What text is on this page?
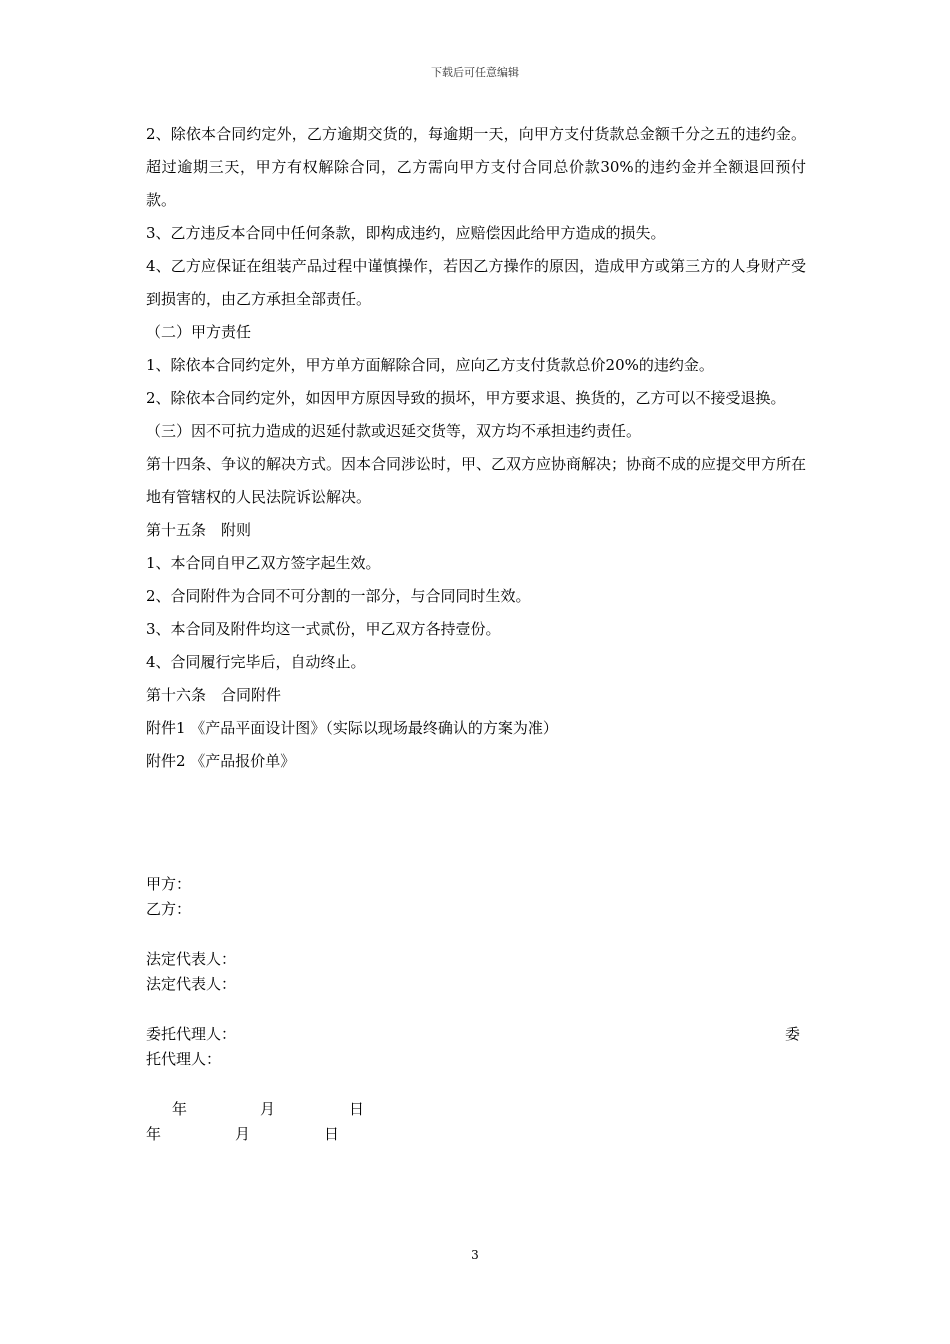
下载后可任意编辑

2、除依本合同约定外，乙方逾期交货的，每逾期一天，向甲方支付货款总金额千分之五的违约金。超过逾期三天，甲方有权解除合同，乙方需向甲方支付合同总价款30%的违约金并全额退回预付款。

3、乙方违反本合同中任何条款，即构成违约，应赔偿因此给甲方造成的损失。

4、乙方应保证在组装产品过程中谨慎操作，若因乙方操作的原因，造成甲方或第三方的人身财产受到损害的，由乙方承担全部责任。

（二）甲方责任

1、除依本合同约定外，甲方单方面解除合同，应向乙方支付货款总价20%的违约金。

2、除依本合同约定外，如因甲方原因导致的损坏，甲方要求退、换货的，乙方可以不接受退换。

（三）因不可抗力造成的迟延付款或迟延交货等，双方均不承担违约责任。

第十四条、争议的解决方式。因本合同涉讼时，甲、乙双方应协商解决；协商不成的应提交甲方所在地有管辖权的人民法院诉讼解决。

第十五条　附则

1、本合同自甲乙双方签字起生效。

2、合同附件为合同不可分割的一部分，与合同同时生效。

3、本合同及附件均这一式贰份，甲乙双方各持壹份。

4、合同履行完毕后，自动终止。

第十六条　合同附件

附件1 《产品平面设计图》（实际以现场最终确认的方案为准）

附件2 《产品报价单》

甲方：
乙方：
法定代表人：
法定代表人：
委托代理人：	委
托代理人：
年	月	日
年	月	日
3
